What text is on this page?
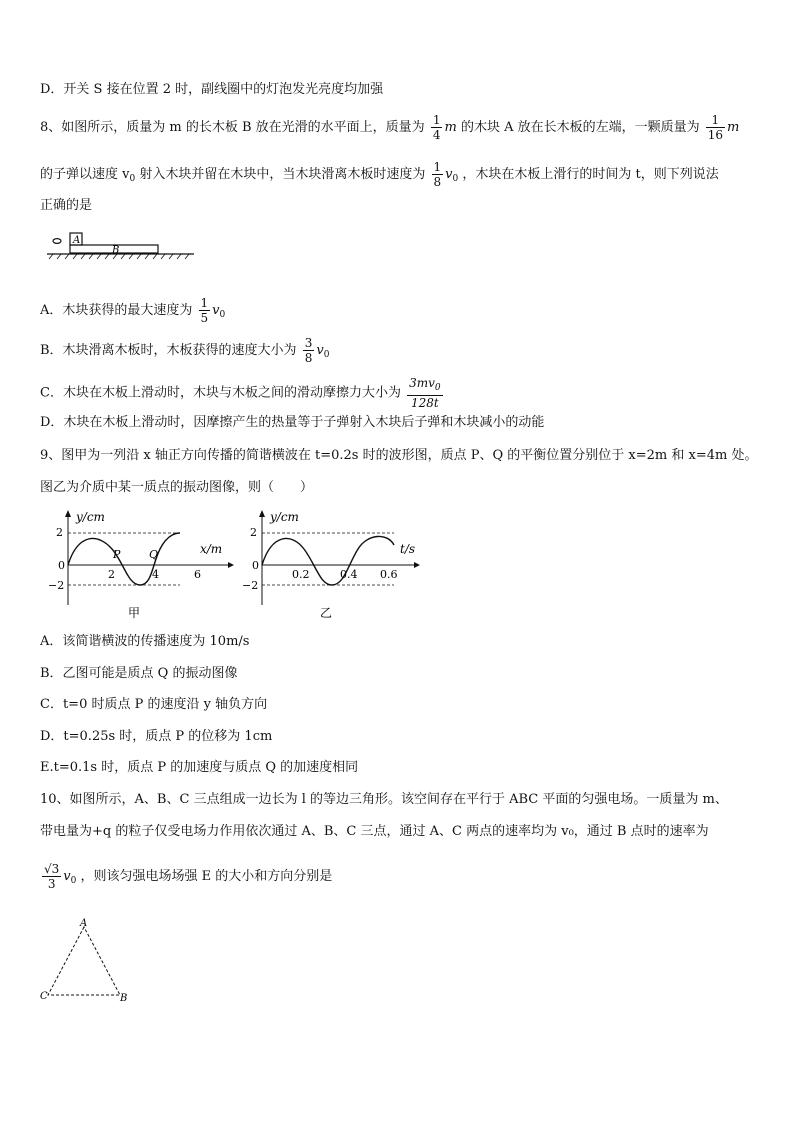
D．开关 S 接在位置 2 时，副线圈中的灯泡发光亮度均加强
8、如图所示，质量为 m 的长木板 B 放在光滑的水平面上，质量为 $\frac{1}{4}$ m 的木块 A 放在长木板的左端，一颗质量为 $\frac{1}{16}$ m
的子弹以速度 $v_0$ 射入木块并留在木块中，当木块滑离木板时速度为 $\frac{1}{8} v_0$ ，木块在木板上滑行的时间为 t，则下列说法
正确的是
A
B
A．木块获得的最大速度为 $\frac{1}{5} v_0$
B．木块滑离木板时，木板获得的速度大小为 $\frac{3}{8} v_0$
C．木块在木板上滑动时，木块与木板之间的滑动摩擦力大小为 $\frac{3mv_0}{128t}$
D．木块在木板上滑动时，因摩擦产生的热量等于子弹射入木块后子弹和木块减小的动能
9、图甲为一列沿 x 轴正方向传播的简谐横波在 t=0.2s 时的波形图，质点 P、Q 的平衡位置分别位于 x=2m 和 x=4m 处。
图乙为介质中某一质点的振动图像，则（　　）
y/cm
x/m
2
0
−2
2	4	6
P	Q
甲
y/cm
t/s
2
0
−2
0.2	0.4 0.6
乙
A．该简谐横波的传播速度为 10m/s
B．乙图可能是质点 Q 的振动图像
C．t=0 时质点 P 的速度沿 y 轴负方向
D．t=0.25s 时，质点 P 的位移为 1cm
E.t=0.1s 时，质点 P 的加速度与质点 Q 的加速度相同
10、如图所示，A、B、C 三点组成一边长为 l 的等边三角形。该空间存在平行于 ABC 平面的匀强电场。一质量为 m、
带电量为+q 的粒子仅受电场力作用依次通过 A、B、C 三点，通过 A、C 两点的速率均为 v₀，通过 B 点时的速率为
$\frac{√3}{3} v_0$ ，则该匀强电场场强 E 的大小和方向分别是
A
C	B
